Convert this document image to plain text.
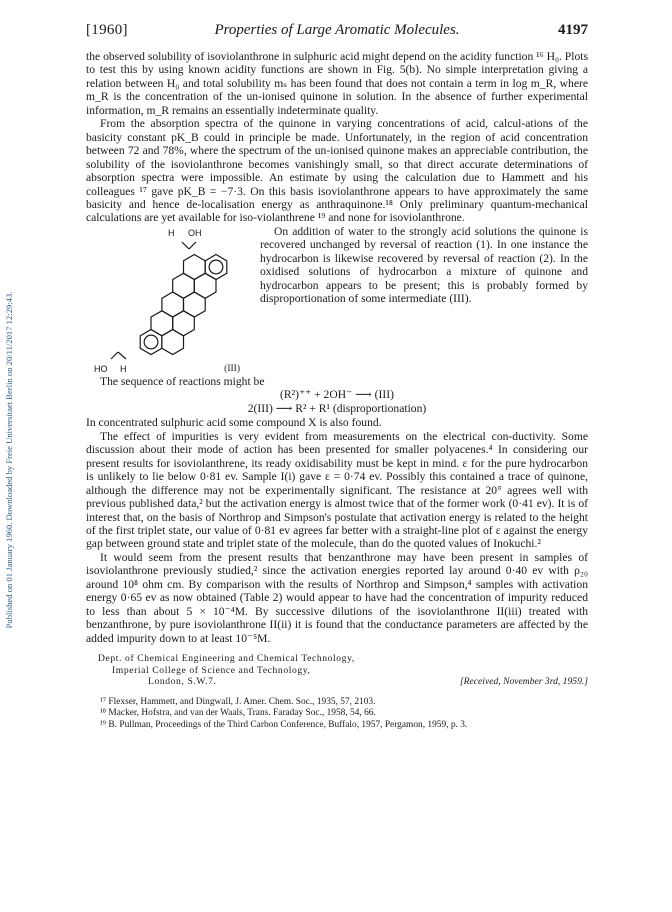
Published on 01 January 1960. Downloaded by Freie Universitaet Berlin on 20/11/2017 12:29:43.
[1960]	Properties of Large Aromatic Molecules.	4197

the observed solubility of isoviolanthrone in sulphuric acid might depend on the acidity function ¹⁶ H₀. Plots to test this by using known acidity functions are shown in Fig. 5(b). No simple interpretation giving a relation between H₀ and total solubility mₛ has been found that does not contain a term in log m_R, where m_R is the concentration of the un-ionised quinone in solution. In the absence of further experimental information, m_R remains an essentially indeterminate quality.

From the absorption spectra of the quinone in varying concentrations of acid, calcul-ations of the basicity constant pK_B could in principle be made. Unfortunately, in the region of acid concentration between 72 and 78%, where the spectrum of the un-ionised quinone makes an appreciable contribution, the solubility of the isoviolanthrone becomes vanishingly small, so that direct accurate determinations of absorption spectra were impossible. An estimate by using the calculation due to Hammett and his colleagues ¹⁷ gave pK_B = −7·3. On this basis isoviolanthrone appears to have approximately the same basicity and hence de-localisation energy as anthraquinone.¹⁸ Only preliminary quantum-mechanical calculations are yet available for iso-violanthrene ¹⁹ and none for isoviolanthrone.

H OH
HO H	(III)

On addition of water to the strongly acid solutions the quinone is recovered unchanged by reversal of reaction (1). In one instance the hydrocarbon is likewise recovered by reversal of reaction (2). In the oxidised solutions of hydrocarbon a mixture of quinone and hydrocarbon appears to be present; this is probably formed by disproportionation of some intermediate (III).

The sequence of reactions might be

(R²)⁺⁺ + 2OH⁻ ⟶ (III)
2(III) ⟶ R² + R¹ (disproportionation)

In concentrated sulphuric acid some compound X is also found.

The effect of impurities is very evident from measurements on the electrical con-ductivity. Some discussion about their mode of action has been presented for smaller polyacenes.⁴ In considering our present results for isoviolanthrene, its ready oxidisability must be kept in mind. ε for the pure hydrocarbon is unlikely to lie below 0·81 ev. Sample I(i) gave ε = 0·74 ev. Possibly this contained a trace of quinone, although the difference may not be experimentally significant. The resistance at 20° agrees well with previous published data,² but the activation energy is almost twice that of the former work (0·41 ev). It is of interest that, on the basis of Northrop and Simpson's postulate that activation energy is related to the height of the first triplet state, our value of 0·81 ev agrees far better with a straight-line plot of ε against the energy gap between ground state and triplet state of the molecule, than do the quoted values of Inokuchi.²

It would seem from the present results that benzanthrone may have been present in samples of isoviolanthrone previously studied,² since the activation energies reported lay around 0·40 ev with ρ₂₀ around 10⁸ ohm cm. By comparison with the results of Northrop and Simpson,⁴ samples with activation energy 0·65 ev as now obtained (Table 2) would appear to have had the concentration of impurity reduced to less than about 5 × 10⁻⁴M. By successive dilutions of the isoviolanthrone II(iii) treated with benzanthrone, by pure isoviolanthrone II(ii) it is found that the conductance parameters are affected by the added impurity down to at least 10⁻⁵M.

Dept. of Chemical Engineering and Chemical Technology,
Imperial College of Science and Technology,
London, S.W.7.	[Received, November 3rd, 1959.]
¹⁷ Flexser, Hammett, and Dingwall, J. Amer. Chem. Soc., 1935, 57, 2103.
¹⁸ Macker, Hofstra, and van der Waals, Trans. Faraday Soc., 1958, 54, 66.
¹⁹ B. Pullman, Proceedings of the Third Carbon Conference, Buffalo, 1957, Pergamon, 1959, p. 3.
